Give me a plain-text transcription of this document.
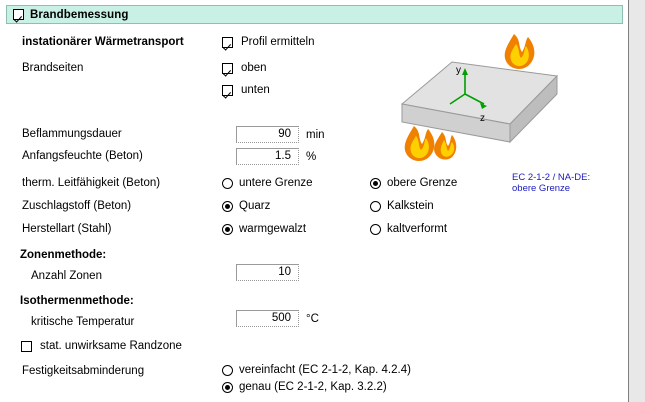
Brandbemessung
instationärer Wärmetransport	Profil ermitteln
Brandseiten	oben
unten
y
z
EC 2-1-2 / NA-DE:
obere Grenze
Beflammungsdauer	90	min
Anfangsfeuchte (Beton)	1.5	%
therm. Leitfähigkeit (Beton)	untere Grenze	obere Grenze
Zuschlagstoff (Beton)	Quarz	Kalkstein
Herstellart (Stahl)	warmgewalzt	kaltverformt
Zonenmethode:
Anzahl Zonen	10
Isothermenmethode:
kritische Temperatur	500	°C
stat. unwirksame Randzone
Festigkeitsabminderung	vereinfacht (EC 2-1-2, Kap. 4.2.4)
genau (EC 2-1-2, Kap. 3.2.2)
